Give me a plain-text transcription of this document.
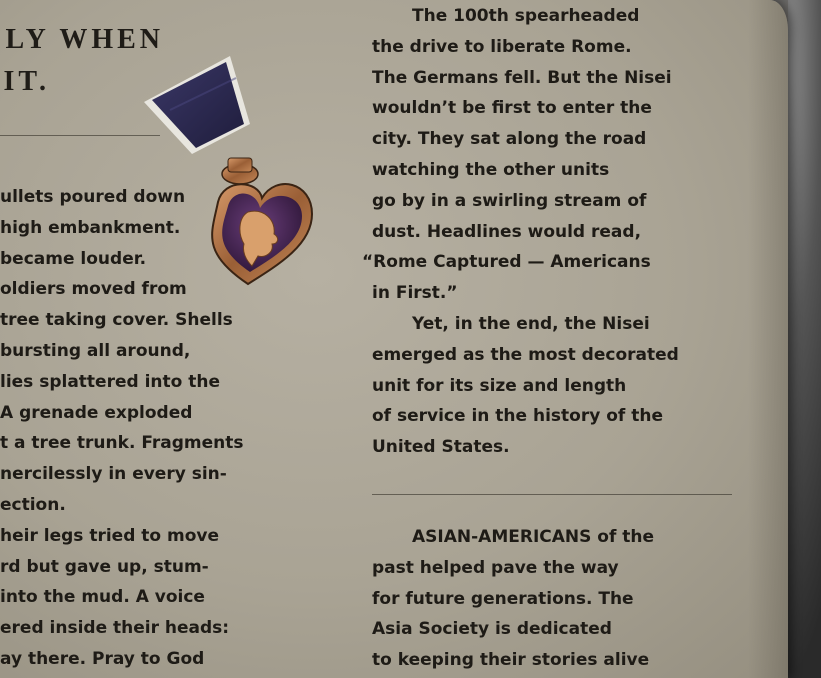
LY WHEN
IT.
ullets poured down
high embankment.
became louder.
oldiers moved from
tree taking cover. Shells
bursting all around,
lies splattered into the
A grenade exploded
t a tree trunk. Fragments
nercilessly in every sin-
ection.
heir legs tried to move
rd but gave up, stum-
into the mud. A voice
ered inside their heads:
ay there. Pray to God
The 100th spearheaded
the drive to liberate Rome.
The Germans fell. But the Nisei
wouldn’t be first to enter the
city. They sat along the road
watching the other units
go by in a swirling stream of
dust. Headlines would read,
“Rome Captured — Americans
in First.”
Yet, in the end, the Nisei
emerged as the most decorated
unit for its size and length
of service in the history of the
United States.
ASIAN-AMERICANS of the
past helped pave the way
for future generations. The
Asia Society is dedicated
to keeping their stories alive
